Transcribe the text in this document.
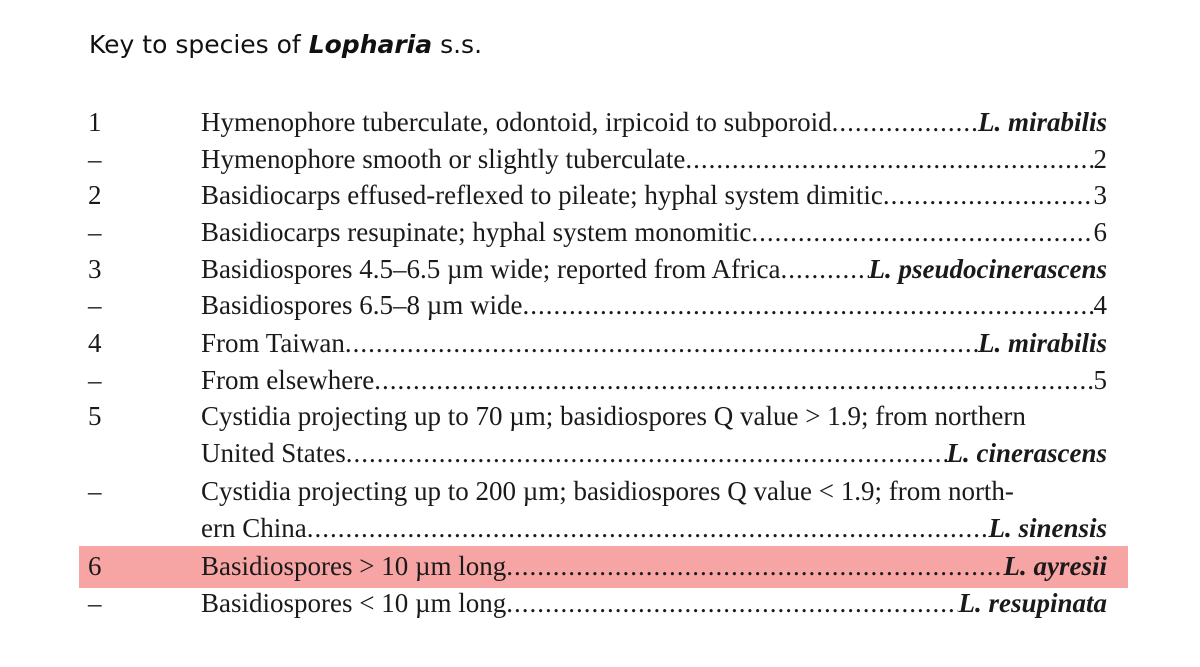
Key to species of Lopharia s.s.
1	Hymenophore tuberculate, odontoid, irpicoid to subporoid .....	L. mirabilis
–	Hymenophore smooth or slightly tuberculate .....	2
2	Basidiocarps effused-reflexed to pileate; hyphal system dimitic .....	3
–	Basidiocarps resupinate; hyphal system monomitic .....	6
3	Basidiospores 4.5–6.5 µm wide; reported from Africa .....	L. pseudocinerascens
–	Basidiospores 6.5–8 µm wide .....	4
4	From Taiwan .....	L. mirabilis
–	From elsewhere .....	5
5	Cystidia projecting up to 70 µm; basidiospores Q value > 1.9; from northern
United States .....	L. cinerascens
–	Cystidia projecting up to 200 µm; basidiospores Q value < 1.9; from north-
ern China .....	L. sinensis
6	Basidiospores > 10 µm long .....	L. ayresii
–	Basidiospores < 10 µm long .....	L. resupinata
